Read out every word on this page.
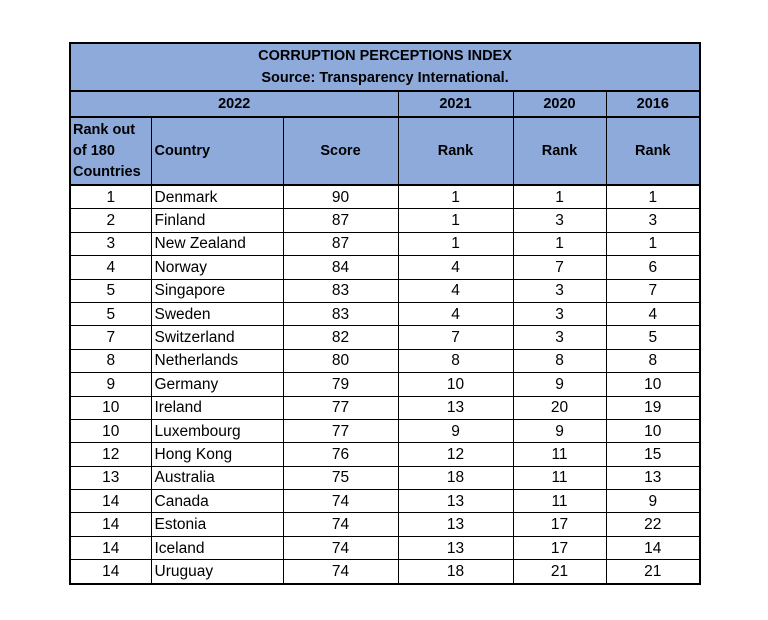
CORRUPTION PERCEPTIONS INDEX
Source: Transparency International.					

2022			2021	2020	2016

Rank out
of 180
Countries	Country	Score	Rank	Rank	Rank
1	Denmark	90	1	1	1
2	Finland	87	1	3	3
3	New Zealand	87	1	1	1
4	Norway	84	4	7	6
5	Singapore	83	4	3	7
5	Sweden	83	4	3	4
7	Switzerland	82	7	3	5
8	Netherlands	80	8	8	8
9	Germany	79	10	9	10
10	Ireland	77	13	20	19
10	Luxembourg	77	9	9	10
12	Hong Kong	76	12	11	15
13	Australia	75	18	11	13
14	Canada	74	13	11	9
14	Estonia	74	13	17	22
14	Iceland	74	13	17	14
14	Uruguay	74	18	21	21
